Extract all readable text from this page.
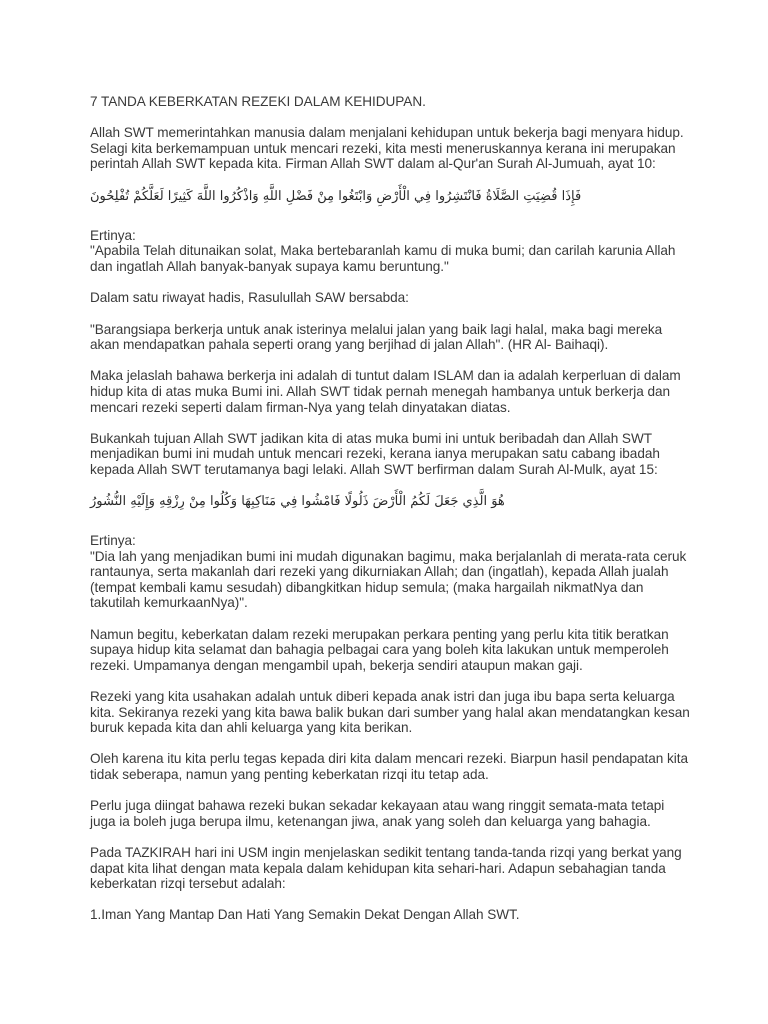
7 TANDA KEBERKATAN REZEKI DALAM KEHIDUPAN.
Allah SWT memerintahkan manusia dalam menjalani kehidupan untuk bekerja bagi menyara hidup.
Selagi kita berkemampuan untuk mencari rezeki, kita mesti meneruskannya kerana ini merupakan
perintah Allah SWT kepada kita. Firman Allah SWT dalam al-Qur'an Surah Al-Jumuah, ayat 10:
فَإِذَا قُضِيَتِ الصَّلَاةُ فَانْتَشِرُوا فِي الْأَرْضِ وَابْتَغُوا مِنْ فَضْلِ اللَّهِ وَاذْكُرُوا اللَّهَ كَثِيرًا لَعَلَّكُمْ تُفْلِحُونَ
Ertinya:
"Apabila Telah ditunaikan solat, Maka bertebaranlah kamu di muka bumi; dan carilah karunia Allah
dan ingatlah Allah banyak-banyak supaya kamu beruntung."
Dalam satu riwayat hadis, Rasulullah SAW bersabda:
"Barangsiapa berkerja untuk anak isterinya melalui jalan yang baik lagi halal, maka bagi mereka
akan mendapatkan pahala seperti orang yang berjihad di jalan Allah". (HR Al- Baihaqi).
Maka jelaslah bahawa berkerja ini adalah di tuntut dalam ISLAM dan ia adalah kerperluan di dalam
hidup kita di atas muka Bumi ini. Allah SWT tidak pernah menegah hambanya untuk berkerja dan
mencari rezeki seperti dalam firman-Nya yang telah dinyatakan diatas.
Bukankah tujuan Allah SWT jadikan kita di atas muka bumi ini untuk beribadah dan Allah SWT
menjadikan bumi ini mudah untuk mencari rezeki, kerana ianya merupakan satu cabang ibadah
kepada Allah SWT terutamanya bagi lelaki. Allah SWT berfirman dalam Surah Al-Mulk, ayat 15:
هُوَ الَّذِي جَعَلَ لَكُمُ الْأَرْضَ ذَلُولًا فَامْشُوا فِي مَنَاكِبِهَا وَكُلُوا مِنْ رِزْقِهِ وَإِلَيْهِ النُّشُورُ
Ertinya:
"Dia lah yang menjadikan bumi ini mudah digunakan bagimu, maka berjalanlah di merata-rata ceruk
rantaunya, serta makanlah dari rezeki yang dikurniakan Allah; dan (ingatlah), kepada Allah jualah
(tempat kembali kamu sesudah) dibangkitkan hidup semula; (maka hargailah nikmatNya dan
takutilah kemurkaanNya)".
Namun begitu, keberkatan dalam rezeki merupakan perkara penting yang perlu kita titik beratkan
supaya hidup kita selamat dan bahagia pelbagai cara yang boleh kita lakukan untuk memperoleh
rezeki. Umpamanya dengan mengambil upah, bekerja sendiri ataupun makan gaji.
Rezeki yang kita usahakan adalah untuk diberi kepada anak istri dan juga ibu bapa serta keluarga
kita. Sekiranya rezeki yang kita bawa balik bukan dari sumber yang halal akan mendatangkan kesan
buruk kepada kita dan ahli keluarga yang kita berikan.
Oleh karena itu kita perlu tegas kepada diri kita dalam mencari rezeki. Biarpun hasil pendapatan kita
tidak seberapa, namun yang penting keberkatan rizqi itu tetap ada.
Perlu juga diingat bahawa rezeki bukan sekadar kekayaan atau wang ringgit semata-mata tetapi
juga ia boleh juga berupa ilmu, ketenangan jiwa, anak yang soleh dan keluarga yang bahagia.
Pada TAZKIRAH hari ini USM ingin menjelaskan sedikit tentang tanda-tanda rizqi yang berkat yang
dapat kita lihat dengan mata kepala dalam kehidupan kita sehari-hari. Adapun sebahagian tanda
keberkatan rizqi tersebut adalah:
1.Iman Yang Mantap Dan Hati Yang Semakin Dekat Dengan Allah SWT.
